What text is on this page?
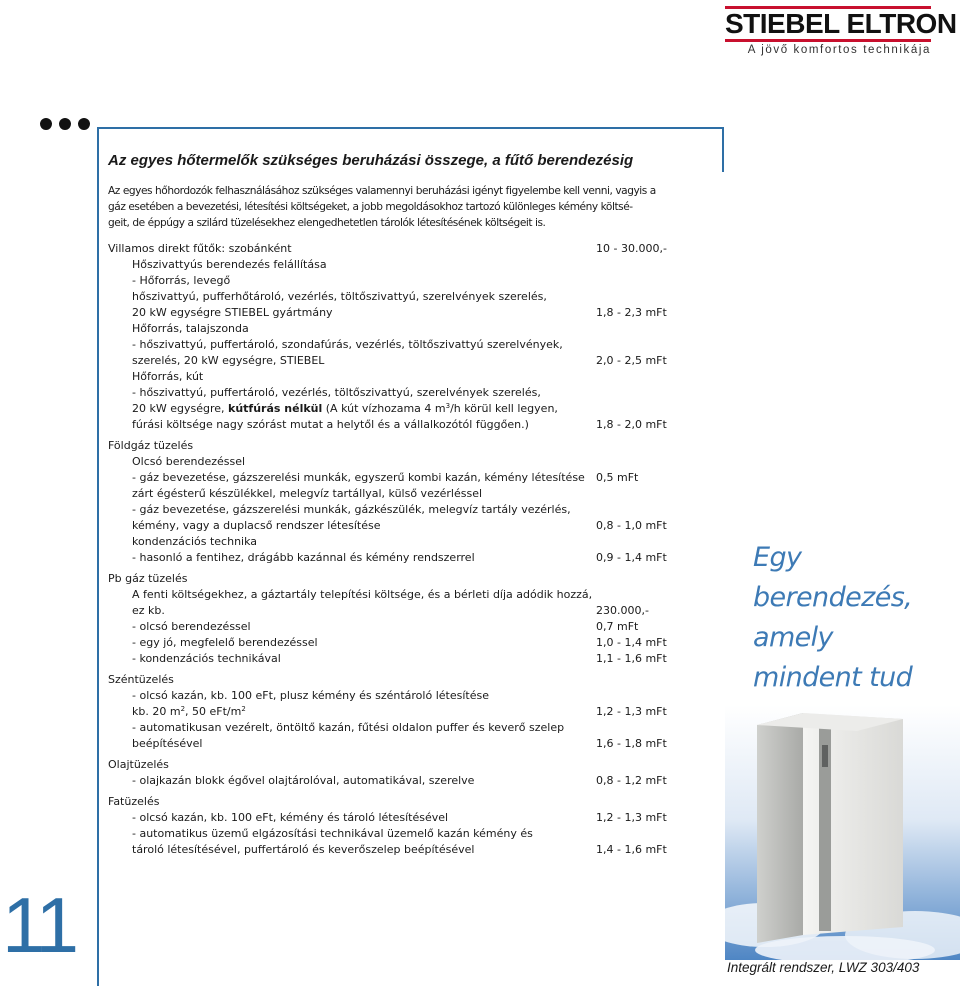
STIEBEL ELTRON
A jövő komfortos technikája
11
Az egyes hőtermelők szükséges beruházási összege, a fűtő berendezésig

Az egyes hőhordozók felhasználásához szükséges valamennyi beruházási igényt figyelembe kell venni, vagyis a

gáz esetében a bevezetési, létesítési költségeket, a jobb megoldásokhoz tartozó különleges kémény költsé-

geit, de éppúgy a szilárd tüzelésekhez elengedhetetlen tárolók létesítésének költségeit is.

Villamos direkt fűtők: szobánként	10 - 30.000,-
Hőszivattyús berendezés felállítása
- Hőforrás, levegő
hőszivattyú, pufferhőtároló, vezérlés, töltőszivattyú, szerelvények szerelés,
20 kW egységre STIEBEL gyártmány	1,8 - 2,3 mFt
Hőforrás, talajszonda
- hőszivattyú, puffertároló, szondafúrás, vezérlés, töltőszivattyú szerelvények,
szerelés, 20 kW egységre, STIEBEL	2,0 - 2,5 mFt
Hőforrás, kút
- hőszivattyú, puffertároló, vezérlés, töltőszivattyú, szerelvények szerelés,
20 kW egységre, kútfúrás nélkül (A kút vízhozama 4 $m^3/h$ körül kell legyen,
fúrási költsége nagy szórást mutat a helytől és a vállalkozótól függően.)	1,8 - 2,0 mFt
Földgáz tüzelés
Olcsó berendezéssel
- gáz bevezetése, gázszerelési munkák, egyszerű kombi kazán, kémény létesítése 0,5 mFt
zárt égésterű készülékkel, melegvíz tartállyal, külső vezérléssel
- gáz bevezetése, gázszerelési munkák, gázkészülék, melegvíz tartály vezérlés,
kémény, vagy a duplacső rendszer létesítése	0,8 - 1,0 mFt
kondenzációs technika
- hasonló a fentihez, drágább kazánnal és kémény rendszerrel	0,9 - 1,4 mFt
Pb gáz tüzelés
A fenti költségekhez, a gáztartály telepítési költsége, és a bérleti díja adódik hozzá,
ez kb.	230.000,-
- olcsó berendezéssel	0,7 mFt
- egy jó, megfelelő berendezéssel	1,0 - 1,4 mFt
- kondenzációs technikával	1,1 - 1,6 mFt
Széntüzelés
- olcsó kazán, kb. 100 eFt, plusz kémény és széntároló létesítése
kb. 20 $m^2$, 50 eFt/$m^2$	1,2 - 1,3 mFt
- automatikusan vezérelt, öntöltő kazán, fűtési oldalon puffer és keverő szelep
beépítésével	1,6 - 1,8 mFt
Olajtüzelés
- olajkazán blokk égővel olajtárolóval, automatikával, szerelve	0,8 - 1,2 mFt
Fatüzelés
- olcsó kazán, kb. 100 eFt, kémény és tároló létesítésével	1,2 - 1,3 mFt
- automatikus üzemű elgázosítási technikával üzemelő kazán kémény és
tároló létesítésével, puffertároló és keverőszelep beépítésével	1,4 - 1,6 mFt
Egy
berendezés,
amely
mindent tud
Integrált rendszer, LWZ 303/403
